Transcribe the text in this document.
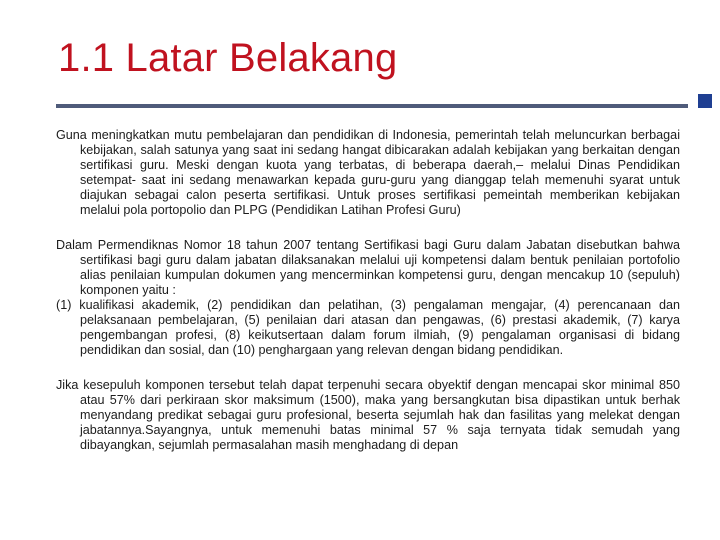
1.1 Latar Belakang

Guna meningkatkan mutu pembelajaran dan pendidikan di Indonesia, pemerintah telah meluncurkan berbagai kebijakan, salah satunya yang saat ini sedang hangat dibicarakan adalah kebijakan yang berkaitan dengan sertifikasi guru. Meski dengan kuota yang terbatas, di beberapa daerah,– melalui Dinas Pendidikan setempat- saat ini sedang menawarkan kepada guru-guru yang dianggap telah memenuhi syarat untuk diajukan sebagai calon peserta sertifikasi. Untuk proses sertifikasi pemeintah memberikan kebijakan melalui pola portopolio dan PLPG (Pendidikan Latihan Profesi Guru)

Dalam Permendiknas Nomor 18 tahun 2007 tentang Sertifikasi bagi Guru dalam Jabatan disebutkan bahwa sertifikasi bagi guru dalam jabatan dilaksanakan melalui uji kompetensi dalam bentuk penilaian portofolio alias penilaian kumpulan dokumen yang mencerminkan kompetensi guru, dengan mencakup 10 (sepuluh) komponen yaitu :

(1) kualifikasi akademik, (2) pendidikan dan pelatihan, (3) pengalaman mengajar, (4) perencanaan dan pelaksanaan pembelajaran, (5) penilaian dari atasan dan pengawas, (6) prestasi akademik, (7) karya pengembangan profesi, (8) keikutsertaan dalam forum ilmiah, (9) pengalaman organisasi di bidang pendidikan dan sosial, dan (10) penghargaan yang relevan dengan bidang pendidikan.

Jika kesepuluh komponen tersebut telah dapat terpenuhi secara obyektif dengan mencapai skor minimal 850 atau 57% dari perkiraan skor maksimum (1500), maka yang bersangkutan bisa dipastikan untuk berhak menyandang predikat sebagai guru profesional, beserta sejumlah hak dan fasilitas yang melekat dengan jabatannya.Sayangnya, untuk memenuhi batas minimal 57 % saja ternyata tidak semudah yang dibayangkan, sejumlah permasalahan masih menghadang di depan
